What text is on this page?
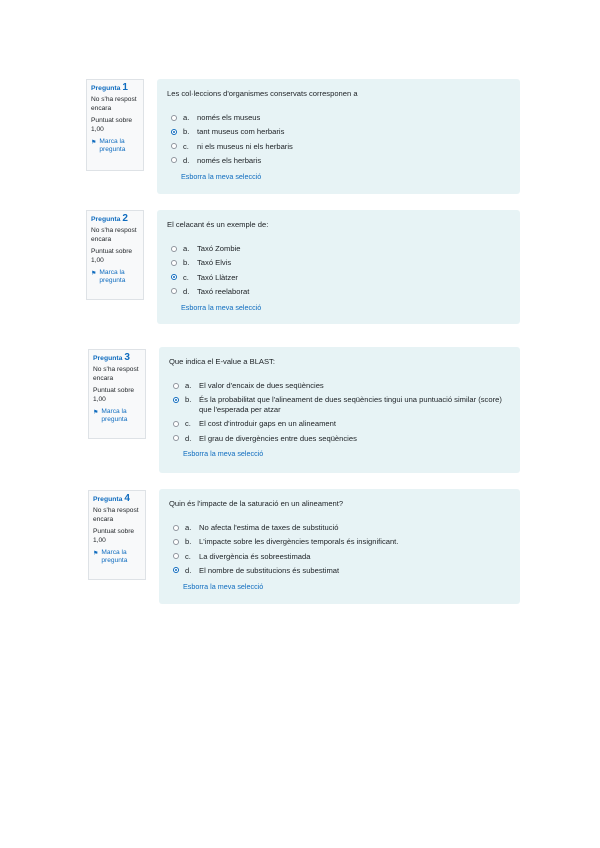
Pregunta 1
No s'ha respost encara
Puntuat sobre 1,00
⚑ Marca la pregunta
Les col·leccions d'organismes conservats corresponen a
a.	només els museus
b.	tant museus com herbaris
c.	ni els museus ni els herbaris
d.	només els herbaris
Esborra la meva selecció
Pregunta 2
No s'ha respost encara
Puntuat sobre 1,00
⚑ Marca la pregunta
El celacant és un exemple de:
a.	Taxó Zombie
b.	Taxó Elvis
c.	Taxó Llàtzer
d.	Taxó reelaborat
Esborra la meva selecció
Pregunta 3
No s'ha respost encara
Puntuat sobre 1,00
⚑ Marca la pregunta
Que indica el E-value a BLAST:
a.	El valor d'encaix de dues seqüències
b.	És la probabilitat que l'alineament de dues seqüències tingui una puntuació similar (score) que l'esperada per atzar
c.	El cost d'introduir gaps en un alineament
d.	El grau de divergències entre dues seqüències
Esborra la meva selecció
Pregunta 4
No s'ha respost encara
Puntuat sobre 1,00
⚑ Marca la pregunta
Quin és l'impacte de la saturació en un alineament?
a.	No afecta l'estima de taxes de substitució
b.	L'impacte sobre les divergències temporals és insignificant.
c.	La divergència és sobreestimada
d.	El nombre de substitucions és subestimat
Esborra la meva selecció
